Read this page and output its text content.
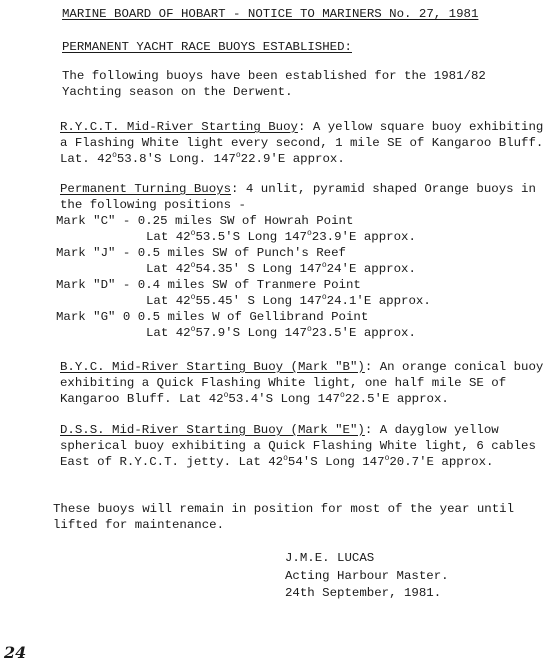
MARINE BOARD OF HOBART - NOTICE TO MARINERS No. 27, 1981
PERMANENT YACHT RACE BUOYS ESTABLISHED:
The following buoys have been established for the 1981/82 Yachting season on the Derwent.
R.Y.C.T. Mid-River Starting Buoy: A yellow square buoy exhibiting a Flashing White light every second, 1 mile SE of Kangaroo Bluff. Lat. 42$^o$53.8'S Long. 147$^o$22.9'E approx.
Permanent Turning Buoys: 4 unlit, pyramid shaped Orange buoys in the following positions -
Mark "C" - 0.25 miles SW of Howrah Point
Lat 42$^o$53.5'S Long 147$^o$23.9'E approx.
Mark "J" - 0.5 miles SW of Punch's Reef
Lat 42$^o$54.35' S Long 147$^o$24'E approx.
Mark "D" - 0.4 miles SW of Tranmere Point
Lat 42$^o$55.45' S Long 147$^o$24.1'E approx.
Mark "G" 0 0.5 miles W of Gellibrand Point
Lat 42$^o$57.9'S Long 147$^o$23.5'E approx.
B.Y.C. Mid-River Starting Buoy (Mark "B"): An orange conical buoy exhibiting a Quick Flashing White light, one half mile SE of Kangaroo Bluff. Lat 42$^o$53.4'S Long 147$^o$22.5'E approx.
D.S.S. Mid-River Starting Buoy (Mark "E"): A dayglow yellow spherical buoy exhibiting a Quick Flashing White light, 6 cables East of R.Y.C.T. jetty. Lat 42$^o$54'S Long 147$^o$20.7'E approx.
These buoys will remain in position for most of the year until lifted for maintenance.
J.M.E. LUCAS
Acting Harbour Master.
24th September, 1981.
24
